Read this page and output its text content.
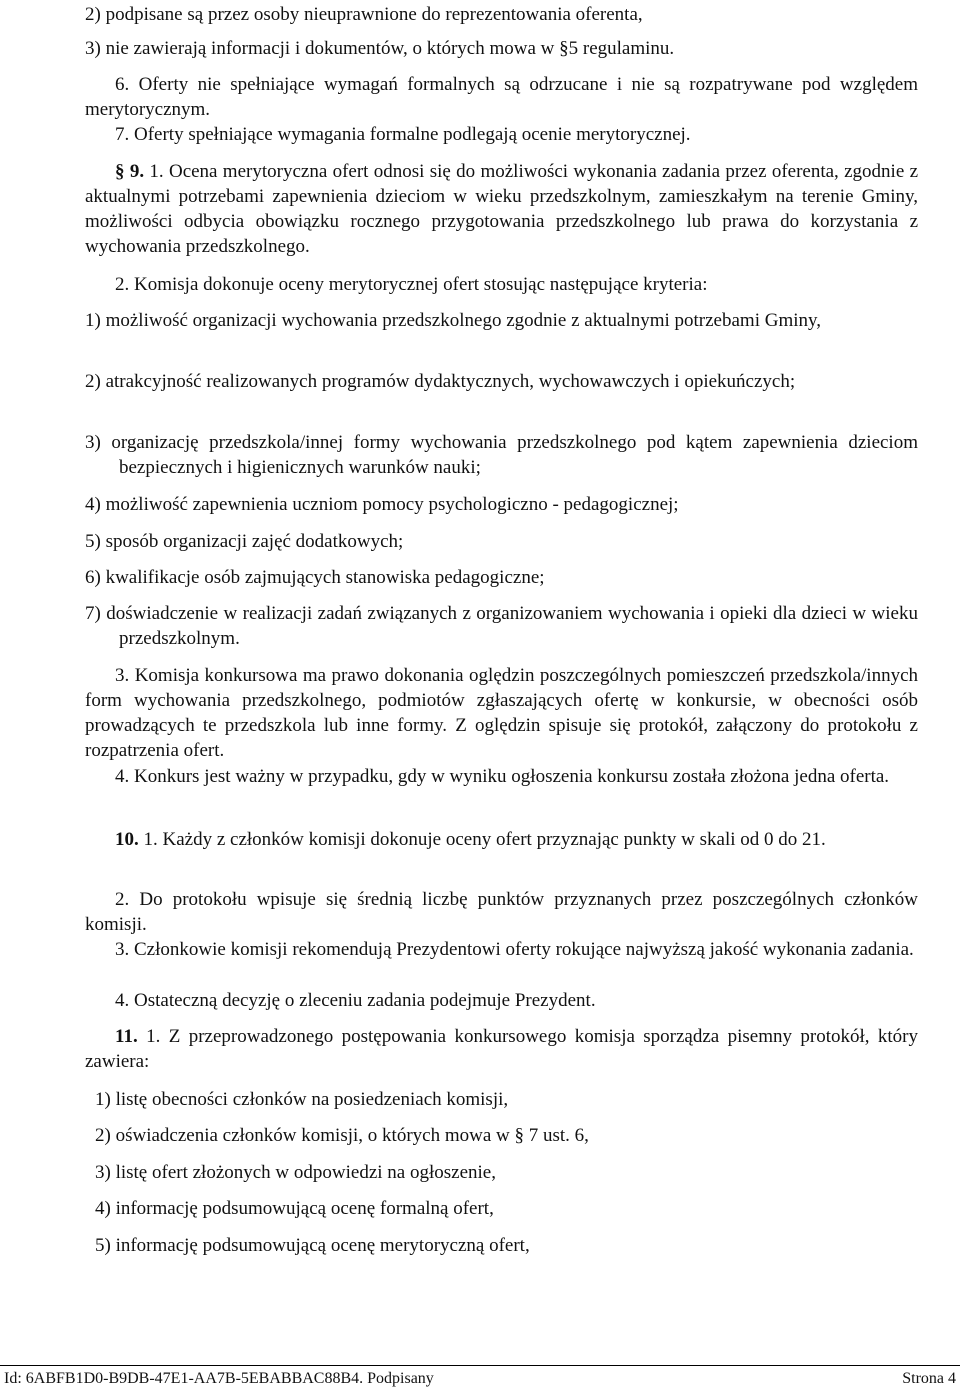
2) podpisane są przez osoby nieuprawnione do reprezentowania oferenta,

3) nie zawierają informacji i dokumentów, o których mowa w §5 regulaminu.

6. Oferty nie spełniające wymagań formalnych są odrzucane i nie są rozpatrywane pod względem merytorycznym.

7. Oferty spełniające wymagania formalne podlegają ocenie merytorycznej.

§ 9. 1. Ocena merytoryczna ofert odnosi się do możliwości wykonania zadania przez oferenta, zgodnie z aktualnymi potrzebami zapewnienia dzieciom w wieku przedszkolnym, zamieszkałym na terenie Gminy, możliwości odbycia obowiązku rocznego przygotowania przedszkolnego lub prawa do korzystania z wychowania przedszkolnego.

2. Komisja dokonuje oceny merytorycznej ofert stosując następujące kryteria:

1) możliwość organizacji wychowania przedszkolnego zgodnie z aktualnymi potrzebami Gminy,

2) atrakcyjność realizowanych programów dydaktycznych, wychowawczych i opiekuńczych;

3) organizację przedszkola/innej formy wychowania przedszkolnego pod kątem zapewnienia dzieciom bezpiecznych i higienicznych warunków nauki;

4) możliwość zapewnienia uczniom pomocy psychologiczno - pedagogicznej;

5) sposób organizacji zajęć dodatkowych;

6) kwalifikacje osób zajmujących stanowiska pedagogiczne;

7) doświadczenie w realizacji zadań związanych z organizowaniem wychowania i opieki dla dzieci w wieku przedszkolnym.

3. Komisja konkursowa ma prawo dokonania oględzin poszczególnych pomieszczeń przedszkola/innych form wychowania przedszkolnego, podmiotów zgłaszających ofertę w konkursie, w obecności osób prowadzących te przedszkola lub inne formy. Z oględzin spisuje się protokół, załączony do protokołu z rozpatrzenia ofert.

4. Konkurs jest ważny w przypadku, gdy w wyniku ogłoszenia konkursu została złożona jedna oferta.

10. 1. Każdy z członków komisji dokonuje oceny ofert przyznając punkty w skali od 0 do 21.

2. Do protokołu wpisuje się średnią liczbę punktów przyznanych przez poszczególnych członków komisji.

3. Członkowie komisji rekomendują Prezydentowi oferty rokujące najwyższą jakość wykonania zadania.

4. Ostateczną decyzję o zleceniu zadania podejmuje Prezydent.

11. 1. Z przeprowadzonego postępowania konkursowego komisja sporządza pisemny protokół, który zawiera:

1) listę obecności członków na posiedzeniach komisji,

2) oświadczenia członków komisji, o których mowa w § 7 ust. 6,

3) listę ofert złożonych w odpowiedzi na ogłoszenie,

4) informację podsumowującą ocenę formalną ofert,

5) informację podsumowującą ocenę merytoryczną ofert,

Id: 6ABFB1D0-B9DB-47E1-AA7B-5EBABBAC88B4. Podpisany	Strona 4
